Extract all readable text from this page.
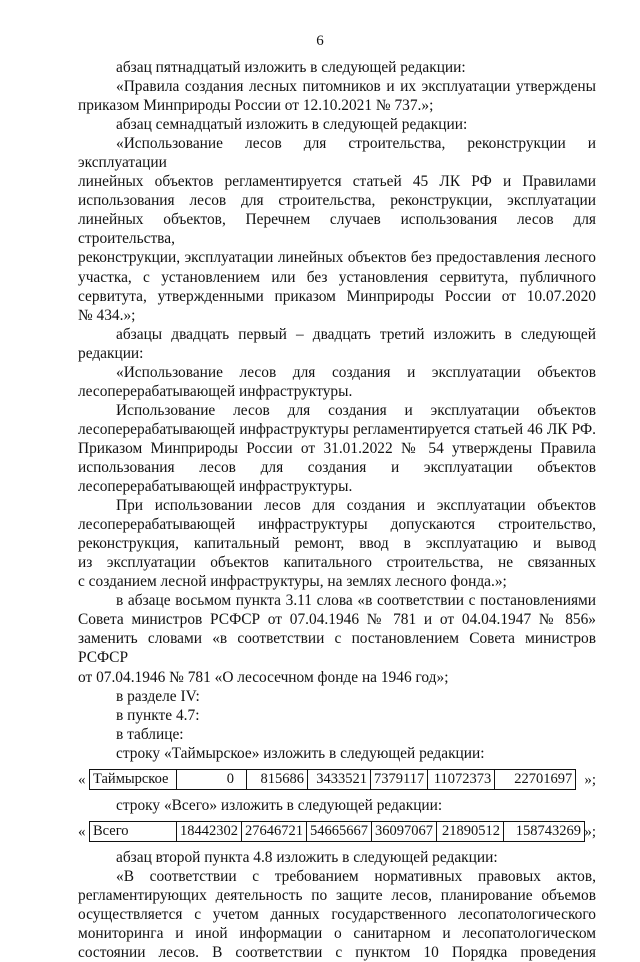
6

абзац пятнадцатый изложить в следующей редакции:

«Правила создания лесных питомников и их эксплуатации утверждены

приказом Минприроды России от 12.10.2021 № 737.»;

абзац семнадцатый изложить в следующей редакции:

«Использование лесов для строительства, реконструкции и эксплуатации

линейных объектов регламентируется статьей 45 ЛК РФ и Правилами

использования лесов для строительства, реконструкции, эксплуатации

линейных объектов, Перечнем случаев использования лесов для строительства,

реконструкции, эксплуатации линейных объектов без предоставления лесного

участка, с установлением или без установления сервитута, публичного

сервитута, утвержденными приказом Минприроды России от 10.07.2020

№ 434.»;

абзацы двадцать первый – двадцать третий изложить в следующей

редакции:

«Использование лесов для создания и эксплуатации объектов

лесоперерабатывающей инфраструктуры.

Использование лесов для создания и эксплуатации объектов

лесоперерабатывающей инфраструктуры регламентируется статьей 46 ЛК РФ.

Приказом Минприроды России от 31.01.2022 № 54 утверждены Правила

использования лесов для создания и эксплуатации объектов

лесоперерабатывающей инфраструктуры.

При использовании лесов для создания и эксплуатации объектов

лесоперерабатывающей инфраструктуры допускаются строительство,

реконструкция, капитальный ремонт, ввод в эксплуатацию и вывод

из эксплуатации объектов капитального строительства, не связанных

с созданием лесной инфраструктуры, на землях лесного фонда.»;

в абзаце восьмом пункта 3.11 слова «в соответствии с постановлениями

Совета министров РСФСР от 07.04.1946 № 781 и от 04.04.1947 № 856»

заменить словами «в соответствии с постановлением Совета министров РСФСР

от 07.04.1946 № 781 «О лесосечном фонде на 1946 год»;

в разделе IV:

в пункте 4.7:

в таблице:

строку «Таймырское» изложить в следующей редакции:

« Таймырское	0	815686	3433521	7379117	11072373	22701697 »;

строку «Всего» изложить в следующей редакции:

« Всего	18442302	27646721	54665667	36097067	21890512	158743269 »;

абзац второй пункта 4.8 изложить в следующей редакции:

«В соответствии с требованием нормативных правовых актов,

регламентирующих деятельность по защите лесов, планирование объемов

осуществляется с учетом данных государственного лесопатологического

мониторинга и иной информации о санитарном и лесопатологическом

состоянии лесов. В соответствии с пунктом 10 Порядка проведения
